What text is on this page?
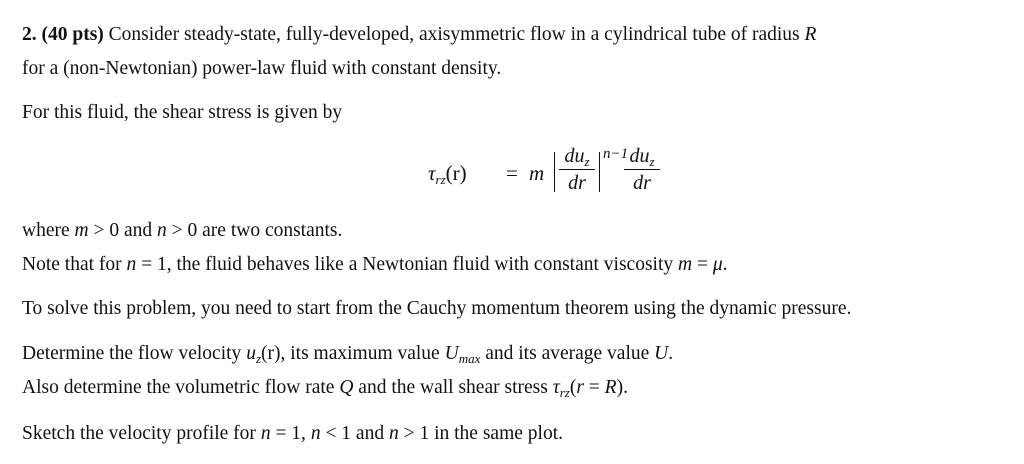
2. (40 pts) Consider steady-state, fully-developed, axisymmetric flow in a cylindrical tube of radius R
for a (non-Newtonian) power-law fluid with constant density.
For this fluid, the shear stress is given by
$\tau_{rz}(r) = m$
$du_z$
dr
n−1 $du_z$
dr
where m > 0 and n > 0 are two constants.
Note that for n = 1, the fluid behaves like a Newtonian fluid with constant viscosity m = μ.
To solve this problem, you need to start from the Cauchy momentum theorem using the dynamic pressure.
Determine the flow velocity $u_z(r)$, its maximum value $U_{max}$ and its average value U.
Also determine the volumetric flow rate Q and the wall shear stress $\tau_{rz}(r = R)$.
Sketch the velocity profile for n = 1, n < 1 and n > 1 in the same plot.
